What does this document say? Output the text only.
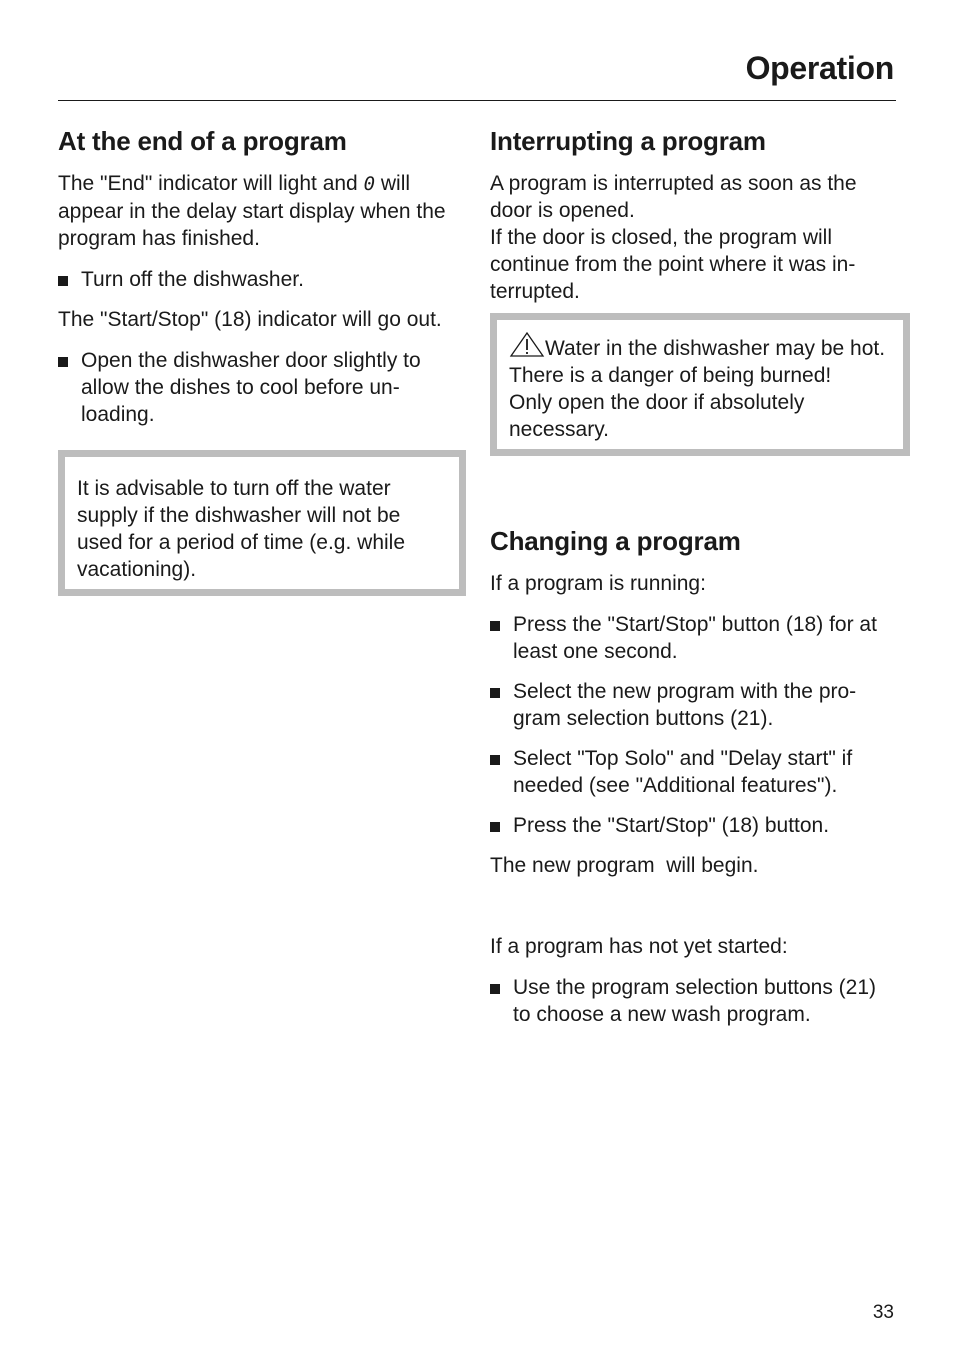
Operation
At the end of a program

The "End" indicator will light and 0 will appear in the delay start display when the program has finished.

Turn off the dishwasher.

The "Start/Stop" (18) indicator will go out.

Open the dishwasher door slightly to allow the dishes to cool before un-loading.

It is advisable to turn off the water supply if the dishwasher will not be used for a period of time (e.g. while vacationing).

Interrupting a program

A program is interrupted as soon as the door is opened.

If the door is closed, the program will continue from the point where it was in-terrupted.

Water in the dishwasher may be hot. There is a danger of being burned!

Only open the door if absolutely necessary.

Changing a program

If a program is running:

Press the "Start/Stop" button (18) for at least one second.
Select the new program with the pro-gram selection buttons (21).
Select "Top Solo" and "Delay start" if needed (see "Additional features").
Press the "Start/Stop" (18) button.

The new program  will begin.

If a program has not yet started:

Use the program selection buttons (21) to choose a new wash program.
33
